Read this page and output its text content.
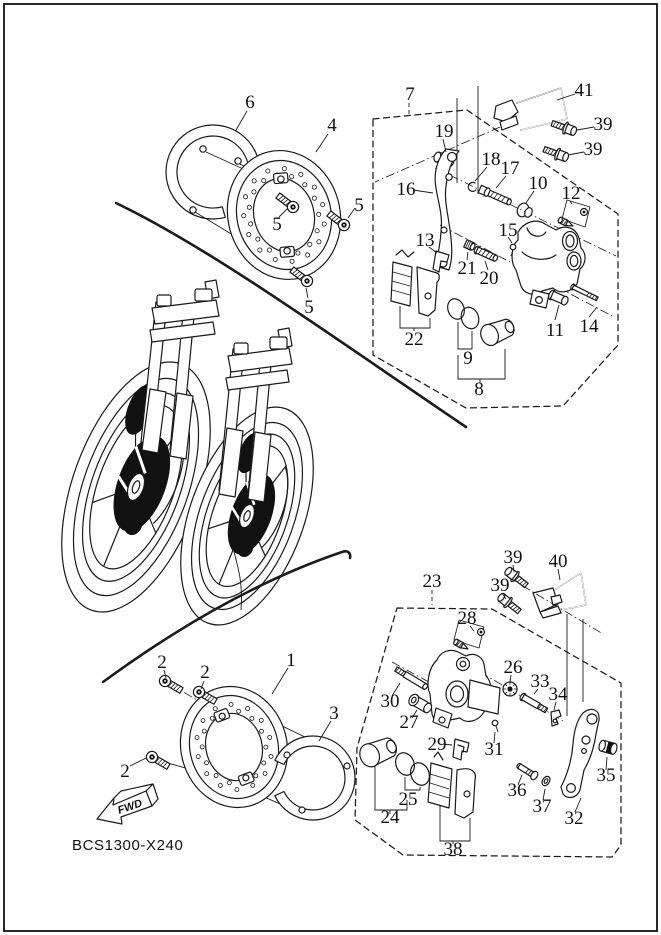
6
4
5
5
5
7	41
39
39
19
18 17
10 12
16
13	15
21 20
11 14
22
9
8
FWD
BCS1300-X240
2 2
1
3
2
23
39 40
39
28
26
33
34
30
27
29 31
25
24
38
36
37
32
35
